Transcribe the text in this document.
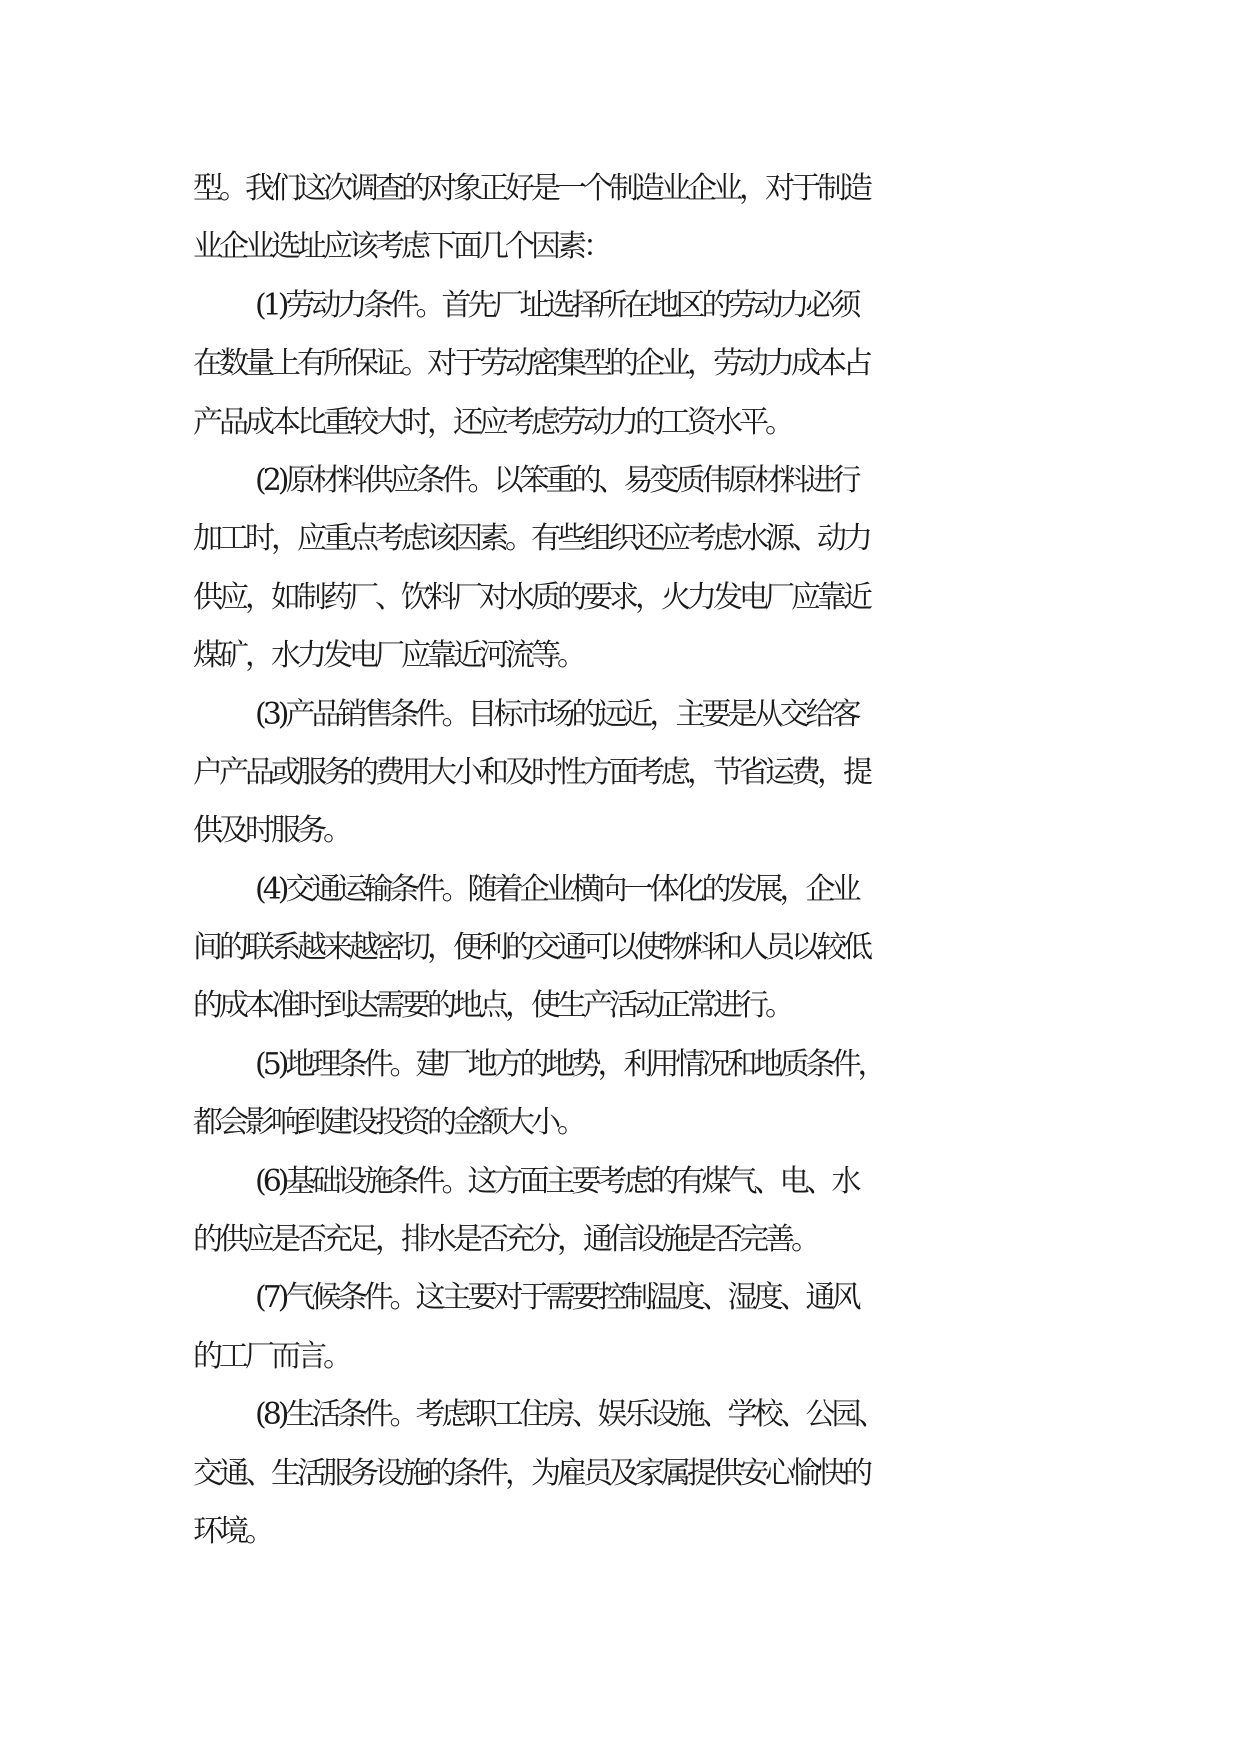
型。我们这次调查的对象正好是一个制造业企业，对于制造
业企业选址应该考虑下面几个因素：
(1)劳动力条件。首先厂址选择所在地区的劳动力必须
在数量上有所保证。对于劳动密集型的企业，劳动力成本占
产品成本比重较大时，还应考虑劳动力的工资水平。
(2)原材料供应条件。以笨重的、易变质伟原材料进行
加工时，应重点考虑该因素。有些组织还应考虑水源、动力
供应，如制药厂、饮料厂对水质的要求，火力发电厂应靠近
煤矿，水力发电厂应靠近河流等。
(3)产品销售条件。目标市场的远近，主要是从交给客
户产品或服务的费用大小和及时性方面考虑，节省运费，提
供及时服务。
(4)交通运输条件。随着企业横向一体化的发展，企业
间的联系越来越密切，便利的交通可以使物料和人员以较低
的成本准时到达需要的地点，使生产活动正常进行。
(5)地理条件。建厂地方的地势，利用情况和地质条件，
都会影响到建设投资的金额大小。
(6)基础设施条件。这方面主要考虑的有煤气、电、水
的供应是否充足，排水是否充分，通信设施是否完善。
(7)气候条件。这主要对于需要控制温度、湿度、通风
的工厂而言。
(8)生活条件。考虑职工住房、娱乐设施、学校、公园、
交通、生活服务设施的条件，为雇员及家属提供安心愉快的
环境。
